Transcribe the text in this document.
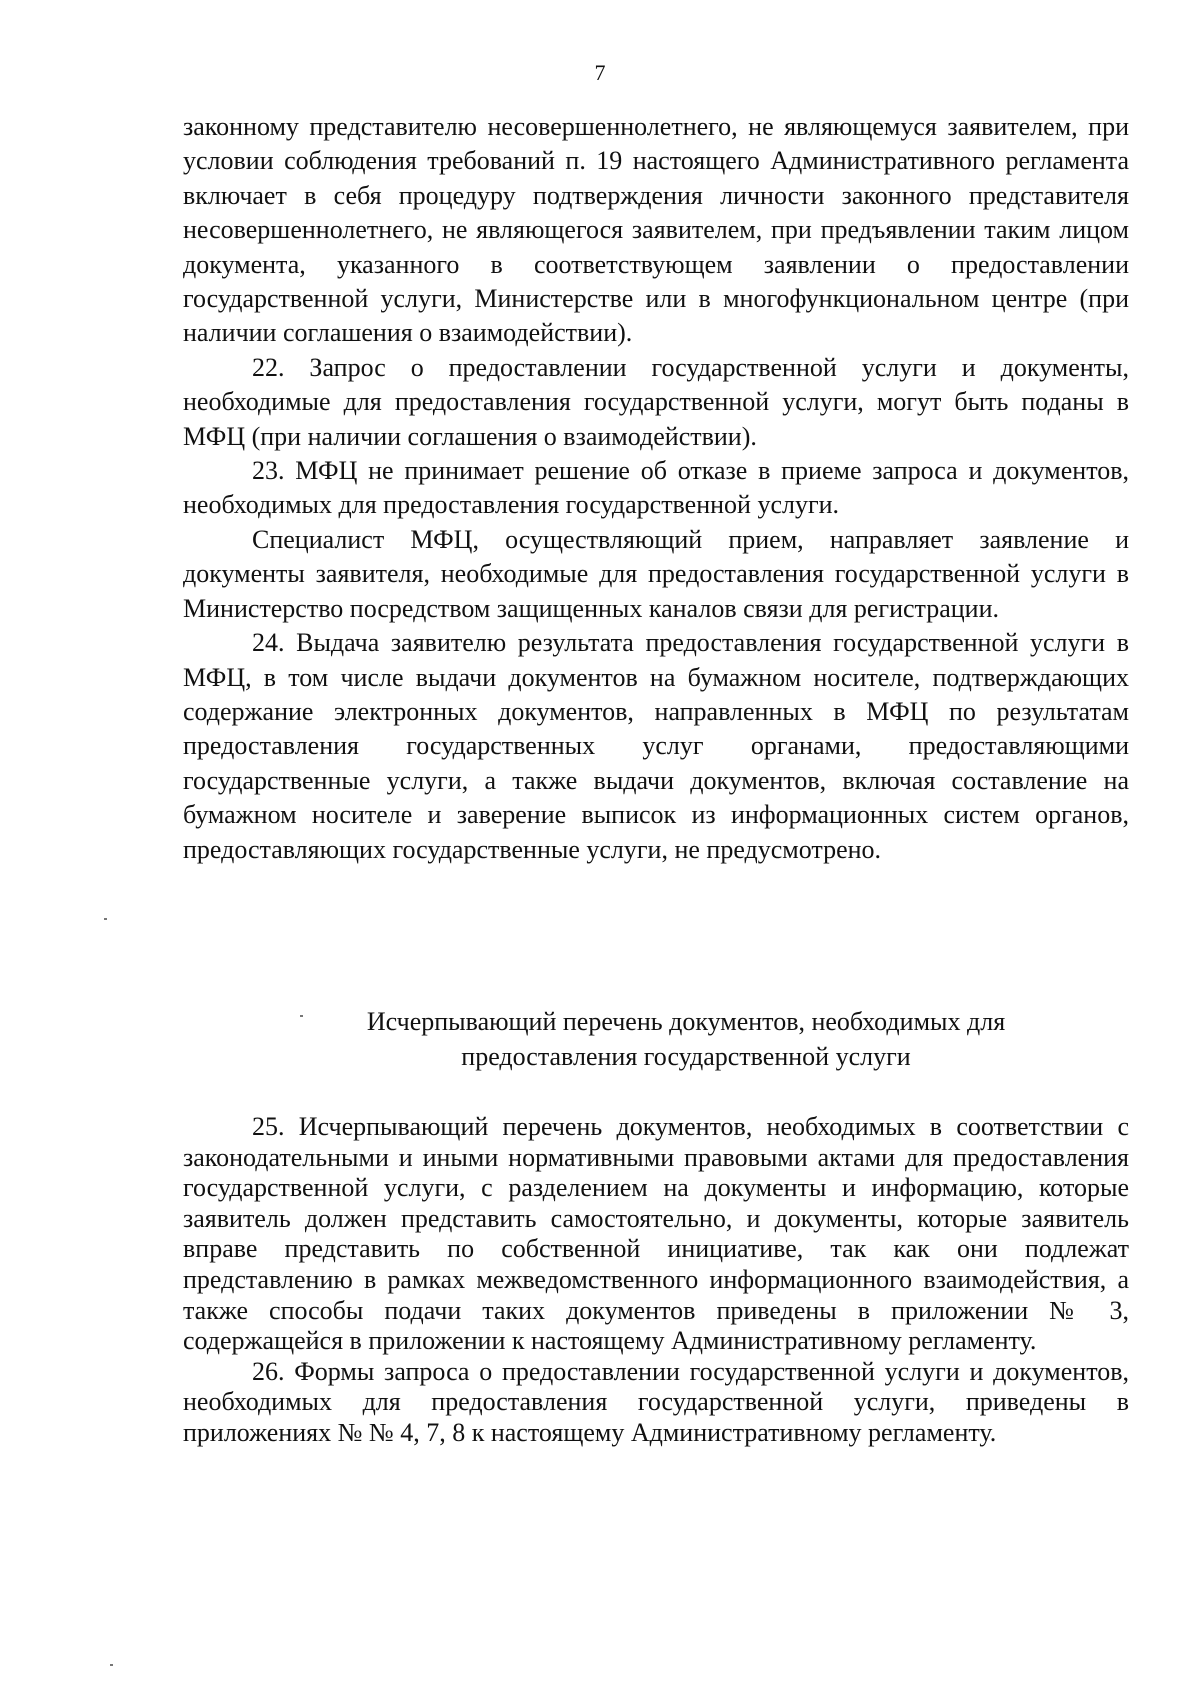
7

законному представителю несовершеннолетнего, не являющемуся заявителем, при условии соблюдения требований п. 19 настоящего Административного регламента включает в себя процедуру подтверждения личности законного представителя несовершеннолетнего, не являющегося заявителем, при предъявлении таким лицом документа, указанного в соответствующем заявлении о предоставлении государственной услуги, Министерстве или в многофункциональном центре (при наличии соглашения о взаимодействии).

22. Запрос о предоставлении государственной услуги и документы, необходимые для предоставления государственной услуги, могут быть поданы в МФЦ (при наличии соглашения о взаимодействии).

23. МФЦ не принимает решение об отказе в приеме запроса и документов, необходимых для предоставления государственной услуги.

Специалист МФЦ, осуществляющий прием, направляет заявление и документы заявителя, необходимые для предоставления государственной услуги в Министерство посредством защищенных каналов связи для регистрации.

24. Выдача заявителю результата предоставления государственной услуги в МФЦ, в том числе выдачи документов на бумажном носителе, подтверждающих содержание электронных документов, направленных в МФЦ по результатам предоставления государственных услуг органами, предоставляющими государственные услуги, а также выдачи документов, включая составление на бумажном носителе и заверение выписок из информационных систем органов, предоставляющих государственные услуги, не предусмотрено.

Исчерпывающий перечень документов, необходимых для
предоставления государственной услуги

25. Исчерпывающий перечень документов, необходимых в соответствии с законодательными и иными нормативными правовыми актами для предоставления государственной услуги, с разделением на документы и информацию, которые заявитель должен представить самостоятельно, и документы, которые заявитель вправе представить по собственной инициативе, так как они подлежат представлению в рамках межведомственного информационного взаимодействия, а также способы подачи таких документов приведены в приложении № 3, содержащейся в приложении к настоящему Административному регламенту.

26. Формы запроса о предоставлении государственной услуги и документов, необходимых для предоставления государственной услуги, приведены в приложениях № № 4, 7, 8 к настоящему Административному регламенту.
